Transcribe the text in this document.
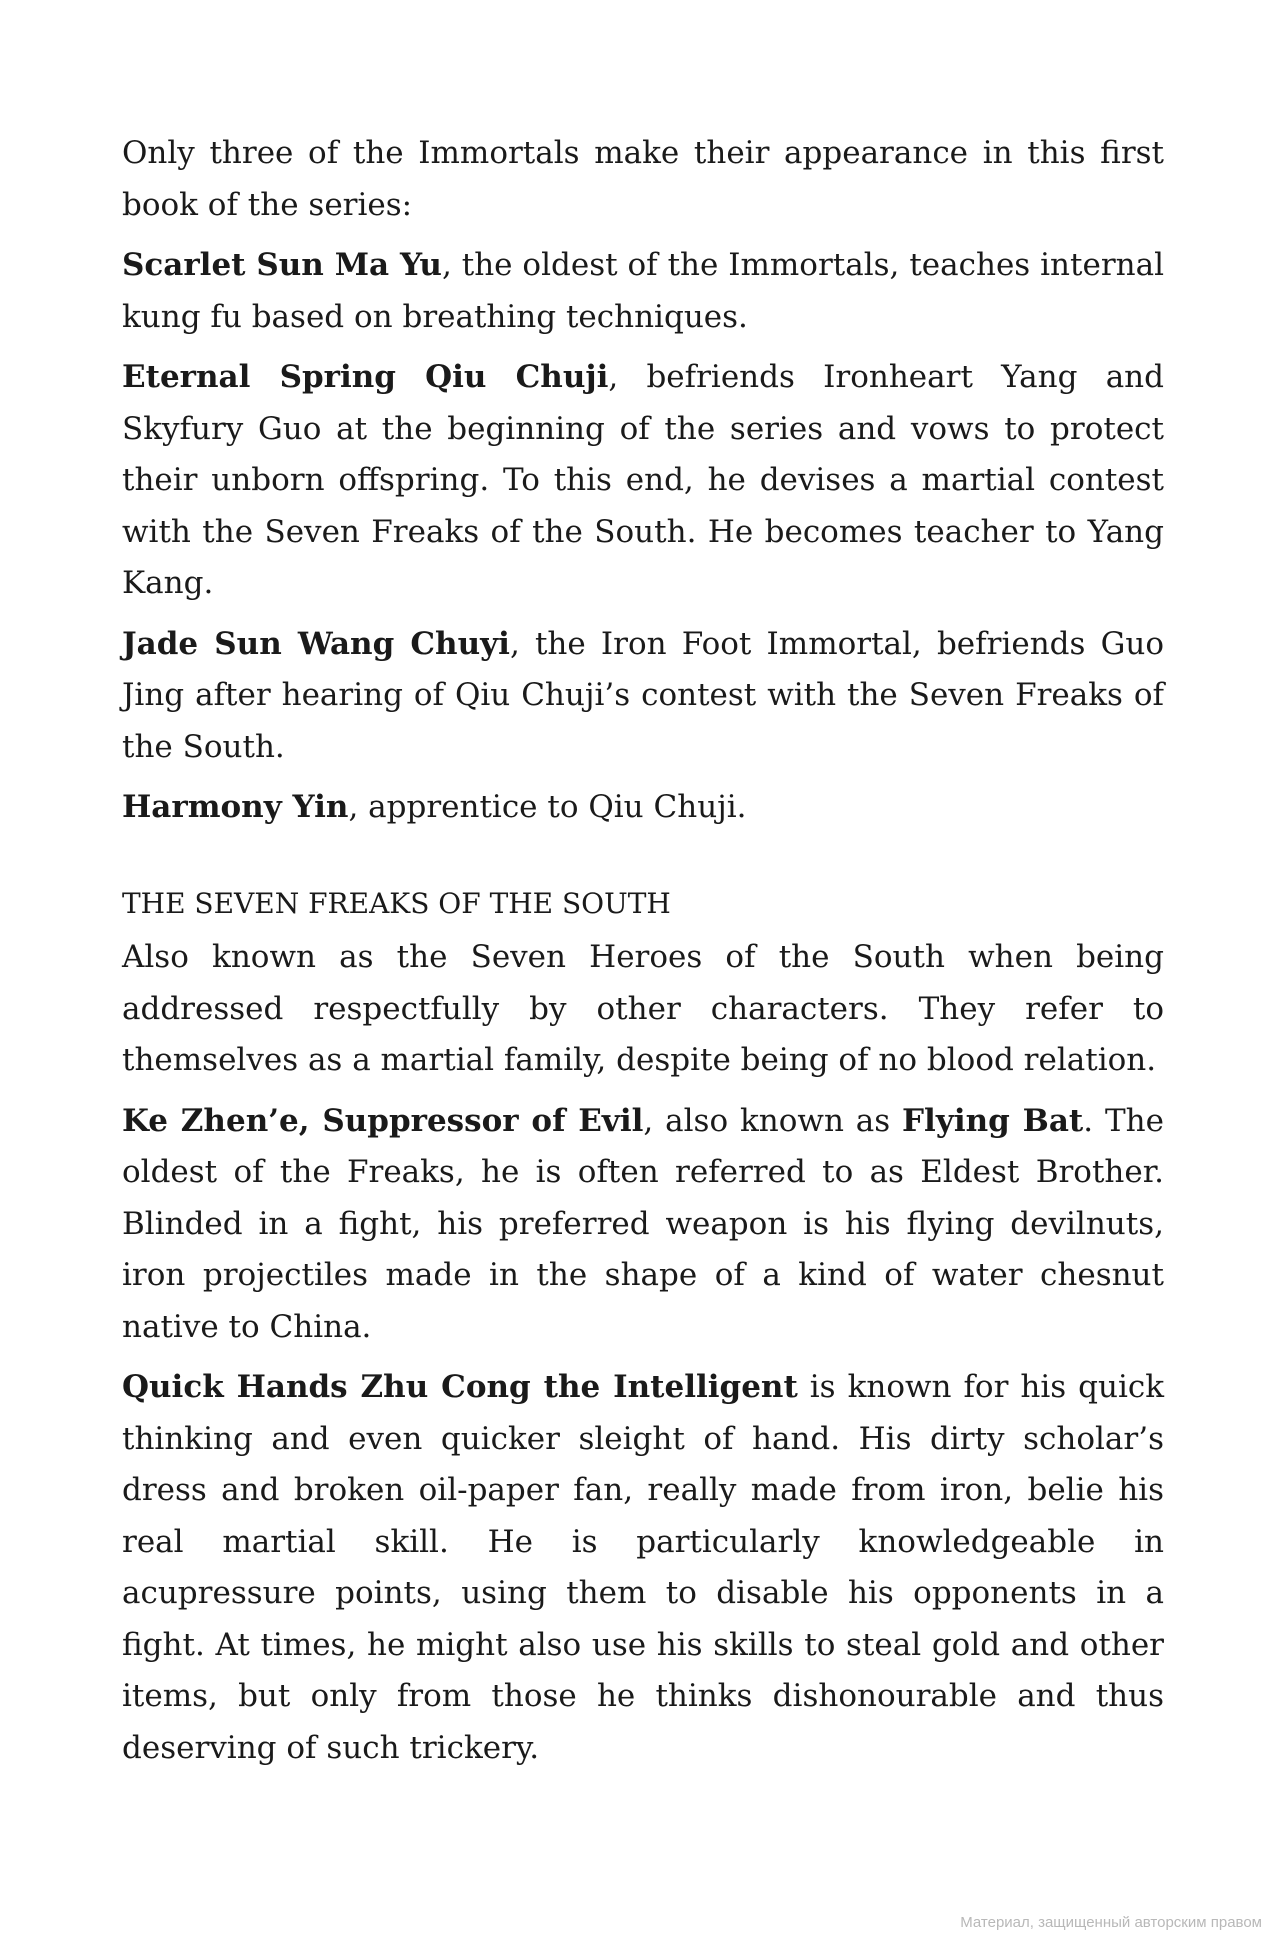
Only three of the Immortals make their appearance in this first book of the series:

Scarlet Sun Ma Yu, the oldest of the Immortals, teaches internal kung fu based on breathing techniques.

Eternal Spring Qiu Chuji, befriends Ironheart Yang and Skyfury Guo at the beginning of the series and vows to protect their unborn offspring. To this end, he devises a martial contest with the Seven Freaks of the South. He becomes teacher to Yang Kang.

Jade Sun Wang Chuyi, the Iron Foot Immortal, befriends Guo Jing after hearing of Qiu Chuji’s contest with the Seven Freaks of the South.

Harmony Yin, apprentice to Qiu Chuji.

THE SEVEN FREAKS OF THE SOUTH

Also known as the Seven Heroes of the South when being addressed respectfully by other characters. They refer to themselves as a martial family, despite being of no blood relation.

Ke Zhen’e, Suppressor of Evil, also known as Flying Bat. The oldest of the Freaks, he is often referred to as Eldest Brother. Blinded in a fight, his preferred weapon is his flying devilnuts, iron projectiles made in the shape of a kind of water chesnut native to China.

Quick Hands Zhu Cong the Intelligent is known for his quick thinking and even quicker sleight of hand. His dirty scholar’s dress and broken oil-paper fan, really made from iron, belie his real martial skill. He is particularly knowledgeable in acupressure points, using them to disable his opponents in a fight. At times, he might also use his skills to steal gold and other items, but only from those he thinks dishonourable and thus deserving of such trickery.

Материал, защищенный авторским правом
